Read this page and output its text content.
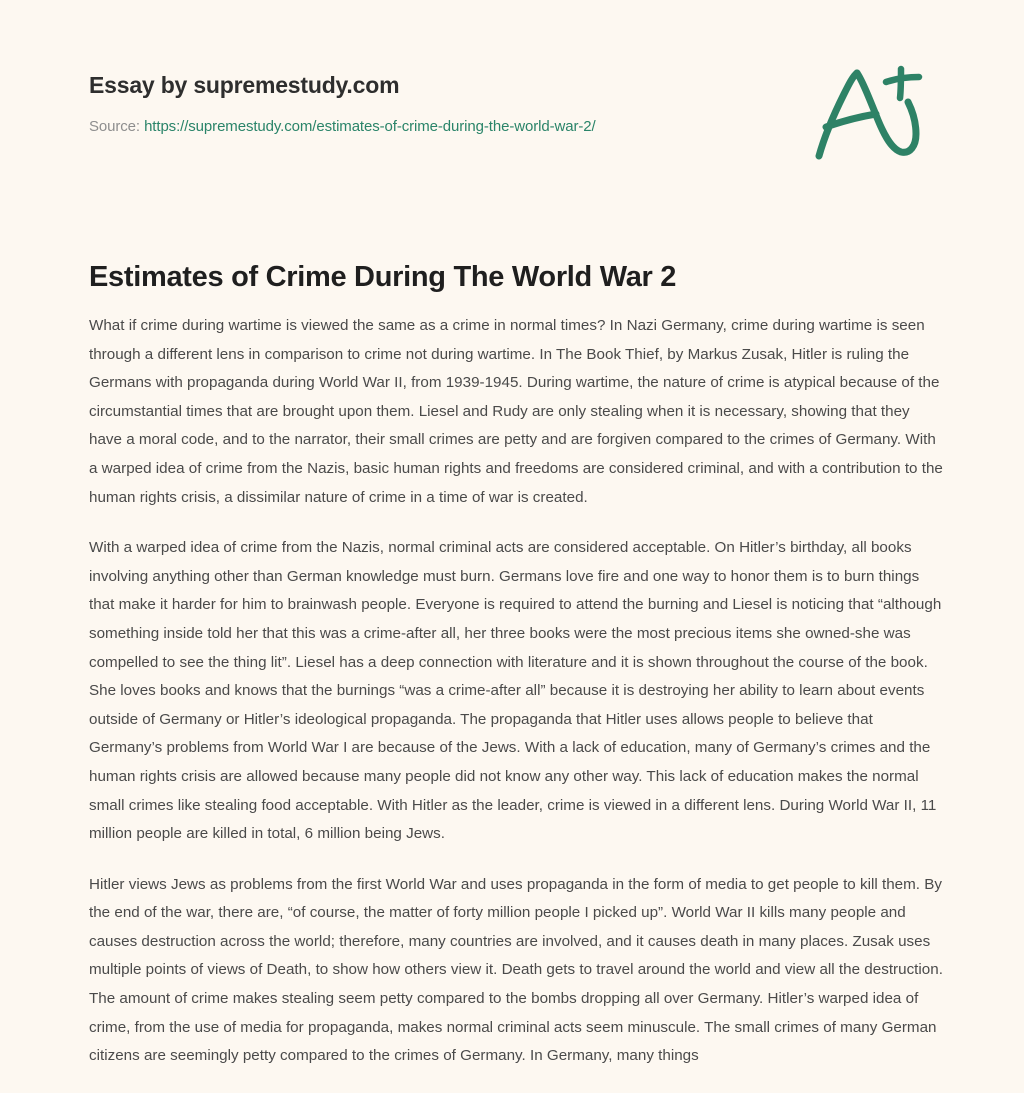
Essay by supremestudy.com
Source: https://supremestudy.com/estimates-of-crime-during-the-world-war-2/
Estimates of Crime During The World War 2

What if crime during wartime is viewed the same as a crime in normal times? In Nazi Germany, crime during wartime is seen through a different lens in comparison to crime not during wartime. In The Book Thief, by Markus Zusak, Hitler is ruling the Germans with propaganda during World War II, from 1939-1945. During wartime, the nature of crime is atypical because of the circumstantial times that are brought upon them. Liesel and Rudy are only stealing when it is necessary, showing that they have a moral code, and to the narrator, their small crimes are petty and are forgiven compared to the crimes of Germany. With a warped idea of crime from the Nazis, basic human rights and freedoms are considered criminal, and with a contribution to the human rights crisis, a dissimilar nature of crime in a time of war is created.

With a warped idea of crime from the Nazis, normal criminal acts are considered acceptable. On Hitler’s birthday, all books involving anything other than German knowledge must burn. Germans love fire and one way to honor them is to burn things that make it harder for him to brainwash people. Everyone is required to attend the burning and Liesel is noticing that “although something inside told her that this was a crime-after all, her three books were the most precious items she owned-she was compelled to see the thing lit”. Liesel has a deep connection with literature and it is shown throughout the course of the book. She loves books and knows that the burnings “was a crime-after all” because it is destroying her ability to learn about events outside of Germany or Hitler’s ideological propaganda. The propaganda that Hitler uses allows people to believe that Germany’s problems from World War I are because of the Jews. With a lack of education, many of Germany’s crimes and the human rights crisis are allowed because many people did not know any other way. This lack of education makes the normal small crimes like stealing food acceptable. With Hitler as the leader, crime is viewed in a different lens. During World War II, 11 million people are killed in total, 6 million being Jews.

Hitler views Jews as problems from the first World War and uses propaganda in the form of media to get people to kill them. By the end of the war, there are, “of course, the matter of forty million people I picked up”. World War II kills many people and causes destruction across the world; therefore, many countries are involved, and it causes death in many places. Zusak uses multiple points of views of Death, to show how others view it. Death gets to travel around the world and view all the destruction. The amount of crime makes stealing seem petty compared to the bombs dropping all over Germany. Hitler’s warped idea of crime, from the use of media for propaganda, makes normal criminal acts seem minuscule. The small crimes of many German citizens are seemingly petty compared to the crimes of Germany. In Germany, many things
